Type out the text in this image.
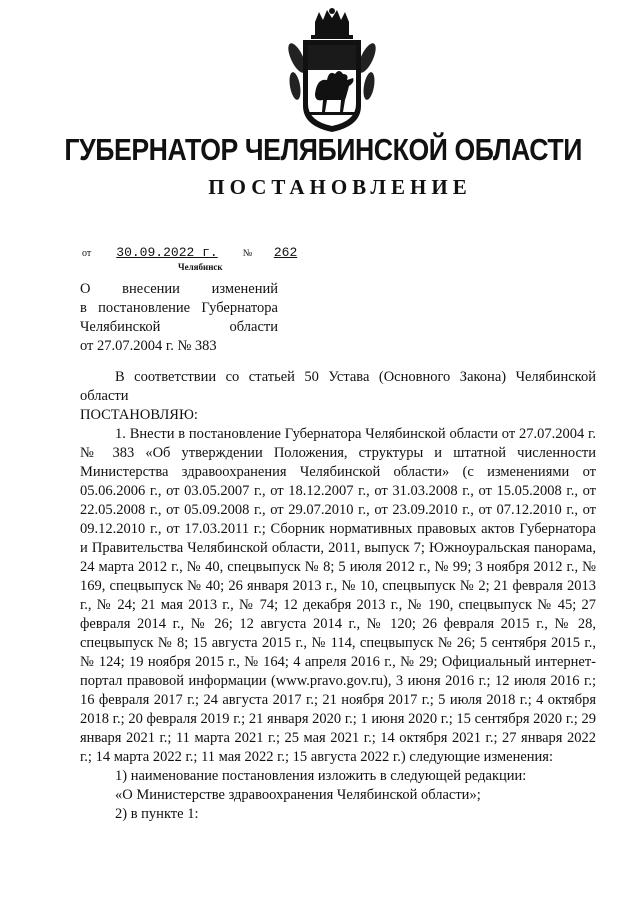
ГУБЕРНАТОР ЧЕЛЯБИНСКОЙ ОБЛАСТИ
ПОСТАНОВЛЕНИЕ
от 30.09.2022 г.	№ 262
Челябинск
О внесении изменений
в постановление Губернатора
Челябинской области
от 27.07.2004 г. № 383

В соответствии со статьей 50 Устава (Основного Закона) Челябинской области

ПОСТАНОВЛЯЮ:

1. Внести в постановление Губернатора Челябинской области от 27.07.2004 г. № 383 «Об утверждении Положения, структуры и штатной численности Министерства здравоохранения Челябинской области» (с изменениями от 05.06.2006 г., от 03.05.2007 г., от 18.12.2007 г., от 31.03.2008 г., от 15.05.2008 г., от 22.05.2008 г., от 05.09.2008 г., от 29.07.2010 г., от 23.09.2010 г., от 07.12.2010 г., от 09.12.2010 г., от 17.03.2011 г.; Сборник нормативных правовых актов Губернатора и Правительства Челябинской области, 2011, выпуск 7; Южноуральская панорама, 24 марта 2012 г., № 40, спецвыпуск № 8; 5 июля 2012 г., № 99; 3 ноября 2012 г., № 169, спецвыпуск № 40; 26 января 2013 г., № 10, спецвыпуск № 2; 21 февраля 2013 г., № 24; 21 мая 2013 г., № 74; 12 декабря 2013 г., № 190, спецвыпуск № 45; 27 февраля 2014 г., № 26; 12 августа 2014 г., № 120; 26 февраля 2015 г., № 28, спецвыпуск № 8; 15 августа 2015 г., № 114, спецвыпуск № 26; 5 сентября 2015 г., № 124; 19 ноября 2015 г., № 164; 4 апреля 2016 г., № 29; Официальный интернет-портал правовой информации (www.pravo.gov.ru), 3 июня 2016 г.; 12 июля 2016 г.; 16 февраля 2017 г.; 24 августа 2017 г.; 21 ноября 2017 г.; 5 июля 2018 г.; 4 октября 2018 г.; 20 февраля 2019 г.; 21 января 2020 г.; 1 июня 2020 г.; 15 сентября 2020 г.; 29 января 2021 г.; 11 марта 2021 г.; 25 мая 2021 г.; 14 октября 2021 г.; 27 января 2022 г.; 14 марта 2022 г.; 11 мая 2022 г.; 15 августа 2022 г.) следующие изменения:

1) наименование постановления изложить в следующей редакции:

«О Министерстве здравоохранения Челябинской области»;

2) в пункте 1:
